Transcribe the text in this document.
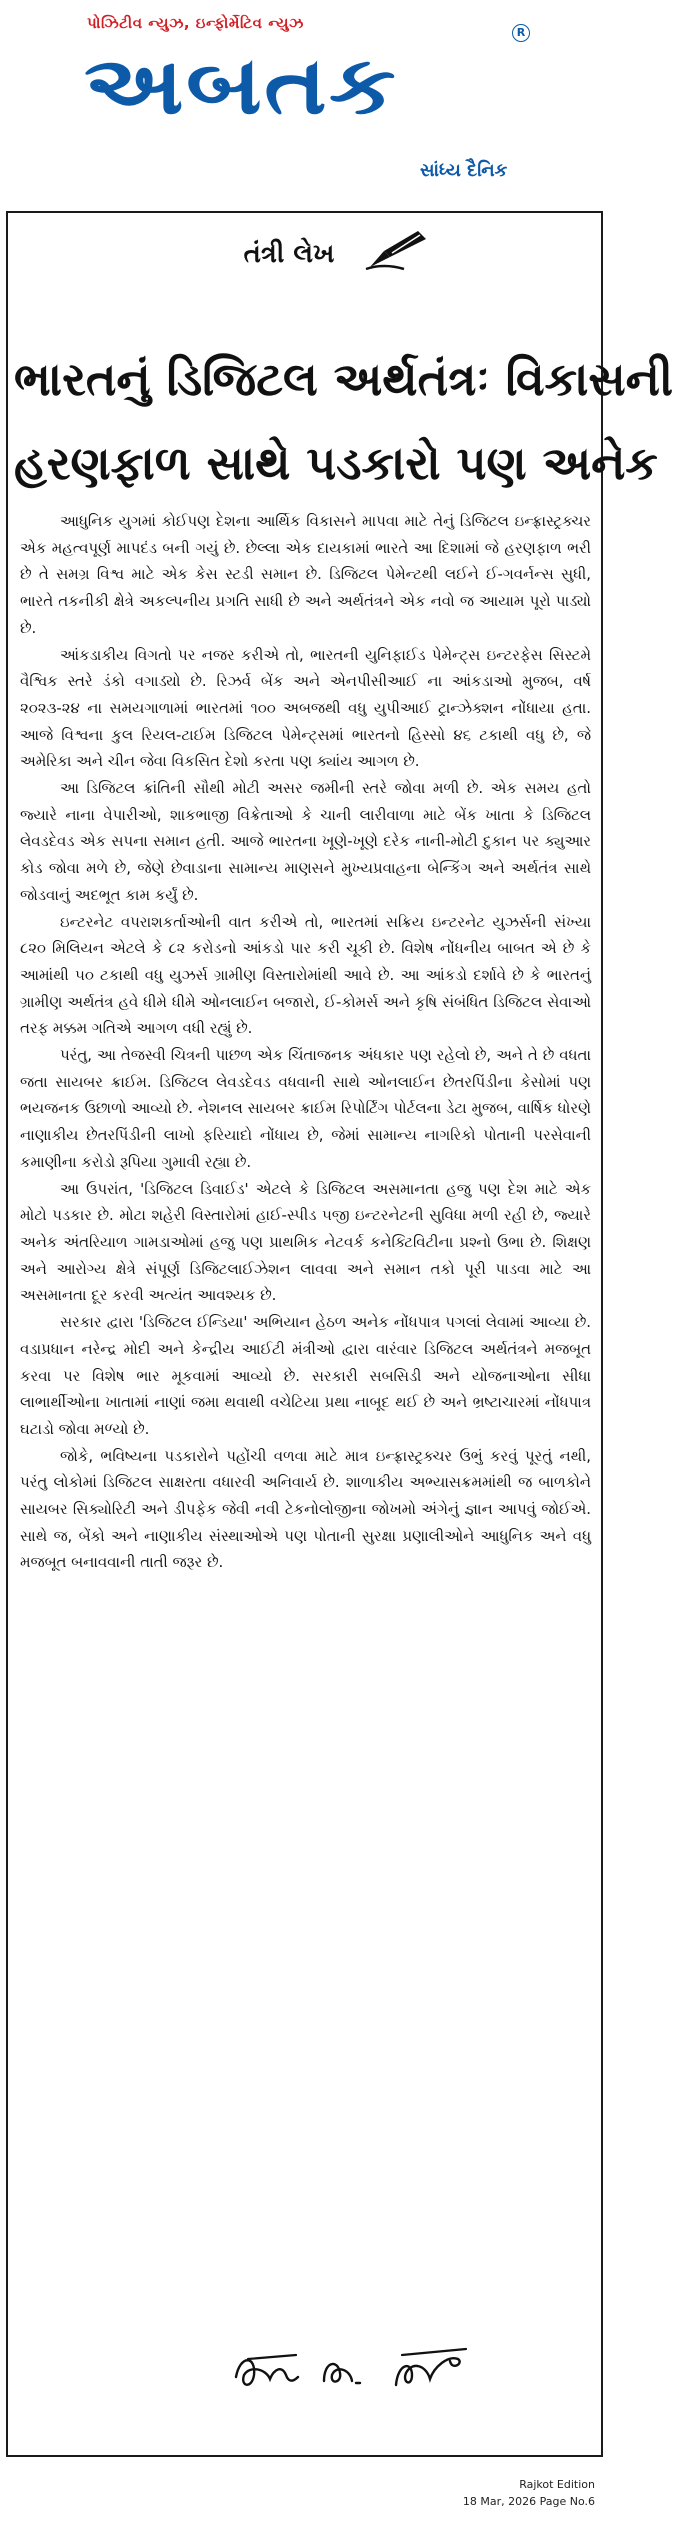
પોઝિટીવ ન્યુઝ, ઇન્ફોર્મેટિવ ન્યુઝ
અબતક
R
સાંધ્ય દૈનિક
તંત્રી લેખ
ભારતનું ડિજિટલ અર્થતંત્રઃ વિકાસની
હરણફાળ સાથે પડકારો પણ અનેક

આધુનિક યુગમાં કોઈપણ દેશના આર્થિક વિકાસને માપવા માટે તેનું ડિજિટલ ઇન્ફ્રાસ્ટ્રક્ચર એક મહત્વપૂર્ણ માપદંડ બની ગયું છે. છેલ્લા એક દાયકામાં ભારતે આ દિશામાં જે હરણફાળ ભરી છે તે સમગ્ર વિશ્વ માટે એક કેસ સ્ટડી સમાન છે. ડિજિટલ પેમેન્ટથી લઈને ઈ-ગવર્નન્સ સુધી, ભારતે તકનીકી ક્ષેત્રે અકલ્પનીય પ્રગતિ સાધી છે અને અર્થતંત્રને એક નવો જ આયામ પૂરો પાડ્યો છે.

આંકડાકીય વિગતો પર નજર કરીએ તો, ભારતની યુનિફાઈડ પેમેન્ટ્સ ઇન્ટરફેસ સિસ્ટમે વૈશ્વિક સ્તરે ડંકો વગાડ્યો છે. રિઝર્વ બેંક અને એનપીસીઆઈ ના આંકડાઓ મુજબ, વર્ષ ૨૦૨૩-૨૪ ના સમયગાળામાં ભારતમાં ૧૦૦ અબજથી વધુ યુપીઆઈ ટ્રાન્ઝેક્શન નોંધાયા હતા. આજે વિશ્વના કુલ રિયલ-ટાઈમ ડિજિટલ પેમેન્ટ્સમાં ભારતનો હિસ્સો ૪૬ ટકાથી વધુ છે, જે અમેરિકા અને ચીન જેવા વિકસિત દેશો કરતા પણ ક્યાંય આગળ છે.

આ ડિજિટલ ક્રાંતિની સૌથી મોટી અસર જમીની સ્તરે જોવા મળી છે. એક સમય હતો જ્યારે નાના વેપારીઓ, શાકભાજી વિક્રેતાઓ કે ચાની લારીવાળા માટે બેંક ખાતા કે ડિજિટલ લેવડદેવડ એક સપના સમાન હતી. આજે ભારતના ખૂણે-ખૂણે દરેક નાની-મોટી દુકાન પર ક્યુઆર કોડ જોવા મળે છે, જેણે છેવાડાના સામાન્ય માણસને મુખ્યપ્રવાહના બેન્કિંગ અને અર્થતંત્ર સાથે જોડવાનું અદભૂત કામ કર્યું છે.

ઇન્ટરનેટ વપરાશકર્તાઓની વાત કરીએ તો, ભારતમાં સક્રિય ઇન્ટરનેટ યુઝર્સની સંખ્યા ૮૨૦ મિલિયન એટલે કે ૮૨ કરોડનો આંકડો પાર કરી ચૂકી છે. વિશેષ નોંધનીય બાબત એ છે કે આમાંથી ૫૦ ટકાથી વધુ યુઝર્સ ગ્રામીણ વિસ્તારોમાંથી આવે છે. આ આંકડો દર્શાવે છે કે ભારતનું ગ્રામીણ અર્થતંત્ર હવે ધીમે ધીમે ઓનલાઈન બજારો, ઈ-કોમર્સ અને કૃષિ સંબંધિત ડિજિટલ સેવાઓ તરફ મક્કમ ગતિએ આગળ વધી રહ્યું છે.

પરંતુ, આ તેજસ્વી ચિત્રની પાછળ એક ચિંતાજનક અંધકાર પણ રહેલો છે, અને તે છે વધતા જતા સાયબર ક્રાઈમ. ડિજિટલ લેવડદેવડ વધવાની સાથે ઓનલાઈન છેતરપિંડીના કેસોમાં પણ ભયજનક ઉછાળો આવ્યો છે. નેશનલ સાયબર ક્રાઈમ રિપોર્ટિંગ પોર્ટલના ડેટા મુજબ, વાર્ષિક ધોરણે નાણાકીય છેતરપિંડીની લાખો ફરિયાદો નોંધાય છે, જેમાં સામાન્ય નાગરિકો પોતાની પરસેવાની કમાણીના કરોડો રૂપિયા ગુમાવી રહ્યા છે.

આ ઉપરાંત, 'ડિજિટલ ડિવાઈડ' એટલે કે ડિજિટલ અસમાનતા હજુ પણ દેશ માટે એક મોટો પડકાર છે. મોટા શહેરી વિસ્તારોમાં હાઈ-સ્પીડ ૫જી ઇન્ટરનેટની સુવિધા મળી રહી છે, જ્યારે અનેક અંતરિયાળ ગામડાઓમાં હજુ પણ પ્રાથમિક નેટવર્ક કનેક્ટિવિટીના પ્રશ્નો ઉભા છે. શિક્ષણ અને આરોગ્ય ક્ષેત્રે સંપૂર્ણ ડિજિટલાઈઝેશન લાવવા અને સમાન તકો પૂરી પાડવા માટે આ અસમાનતા દૂર કરવી અત્યંત આવશ્યક છે.

સરકાર દ્વારા 'ડિજિટલ ઈન્ડિયા' અભિયાન હેઠળ અનેક નોંધપાત્ર પગલાં લેવામાં આવ્યા છે. વડાપ્રધાન નરેન્દ્ર મોદી અને કેન્દ્રીય આઈટી મંત્રીઓ દ્વારા વારંવાર ડિજિટલ અર્થતંત્રને મજબૂત કરવા પર વિશેષ ભાર મૂકવામાં આવ્યો છે. સરકારી સબસિડી અને યોજનાઓના સીધા લાભાર્થીઓના ખાતામાં નાણાં જમા થવાથી વચેટિયા પ્રથા નાબૂદ થઈ છે અને ભ્રષ્ટાચારમાં નોંધપાત્ર ઘટાડો જોવા મળ્યો છે.

જોકે, ભવિષ્યના પડકારોને પહોંચી વળવા માટે માત્ર ઇન્ફ્રાસ્ટ્રક્ચર ઉભું કરવું પૂરતું નથી, પરંતુ લોકોમાં ડિજિટલ સાક્ષરતા વધારવી અનિવાર્ય છે. શાળાકીય અભ્યાસક્રમમાંથી જ બાળકોને સાયબર સિક્યોરિટી અને ડીપફેક જેવી નવી ટેકનોલોજીના જોખમો અંગેનું જ્ઞાન આપવું જોઈએ. સાથે જ, બેંકો અને નાણાકીય સંસ્થાઓએ પણ પોતાની સુરક્ષા પ્રણાલીઓને આધુનિક અને વધુ મજબૂત બનાવવાની તાતી જરૂર છે.

Rajkot Edition
18 Mar, 2026 Page No.6
